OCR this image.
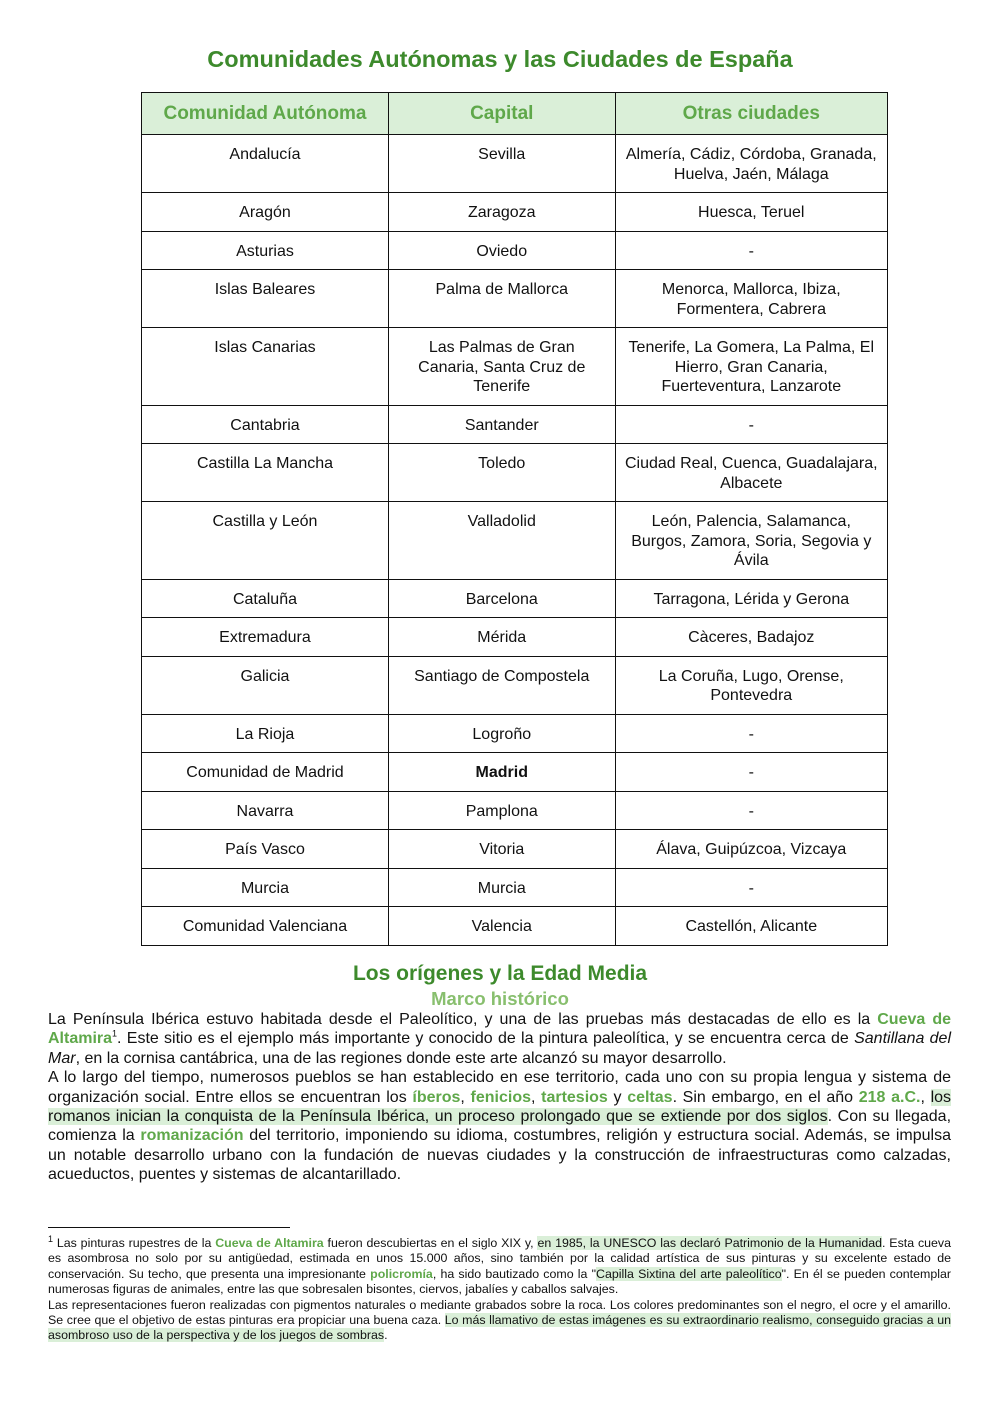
Comunidades Autónomas y las Ciudades de España
Comunidad Autónoma	Capital	Otras ciudades
Andalucía	Sevilla	Almería, Cádiz, Córdoba, Granada, Huelva, Jaén, Málaga
Aragón	Zaragoza	Huesca, Teruel
Asturias	Oviedo	-
Islas Baleares	Palma de Mallorca	Menorca, Mallorca, Ibiza, Formentera, Cabrera
Islas Canarias	Las Palmas de Gran Canaria, Santa Cruz de Tenerife	Tenerife, La Gomera, La Palma, El Hierro, Gran Canaria, Fuerteventura, Lanzarote
Cantabria	Santander	-
Castilla La Mancha	Toledo	Ciudad Real, Cuenca, Guadalajara, Albacete
Castilla y León	Valladolid	León, Palencia, Salamanca, Burgos, Zamora, Soria, Segovia y Ávila
Cataluña	Barcelona	Tarragona, Lérida y Gerona
Extremadura	Mérida	Càceres, Badajoz
Galicia	Santiago de Compostela	La Coruña, Lugo, Orense, Pontevedra
La Rioja	Logroño	-
Comunidad de Madrid	Madrid	-
Navarra	Pamplona	-
País Vasco	Vitoria	Álava, Guipúzcoa, Vizcaya
Murcia	Murcia	-
Comunidad Valenciana	Valencia	Castellón, Alicante
Los orígenes y la Edad Media
Marco histórico

La Península Ibérica estuvo habitada desde el Paleolítico, y una de las pruebas más destacadas de ello es la Cueva de Altamira$^1$. Este sitio es el ejemplo más importante y conocido de la pintura paleolítica, y se encuentra cerca de Santillana del Mar, en la cornisa cantábrica, una de las regiones donde este arte alcanzó su mayor desarrollo.

A lo largo del tiempo, numerosos pueblos se han establecido en ese territorio, cada uno con su propia lengua y sistema de organización social. Entre ellos se encuentran los íberos, fenicios, tartesios y celtas. Sin embargo, en el año 218 a.C., los romanos inician la conquista de la Península Ibérica, un proceso prolongado que se extiende por dos siglos. Con su llegada, comienza la romanización del territorio, imponiendo su idioma, costumbres, religión y estructura social. Además, se impulsa un notable desarrollo urbano con la fundación de nuevas ciudades y la construcción de infraestructuras como calzadas, acueductos, puentes y sistemas de alcantarillado.

$^1$ Las pinturas rupestres de la Cueva de Altamira fueron descubiertas en el siglo XIX y, en 1985, la UNESCO las declaró Patrimonio de la Humanidad. Esta cueva es asombrosa no solo por su antigüedad, estimada en unos 15.000 años, sino también por la calidad artística de sus pinturas y su excelente estado de conservación. Su techo, que presenta una impresionante policromía, ha sido bautizado como la "Capilla Sixtina del arte paleolítico". En él se pueden contemplar numerosas figuras de animales, entre las que sobresalen bisontes, ciervos, jabalíes y caballos salvajes.

Las representaciones fueron realizadas con pigmentos naturales o mediante grabados sobre la roca. Los colores predominantes son el negro, el ocre y el amarillo. Se cree que el objetivo de estas pinturas era propiciar una buena caza. Lo más llamativo de estas imágenes es su extraordinario realismo, conseguido gracias a un asombroso uso de la perspectiva y de los juegos de sombras.
